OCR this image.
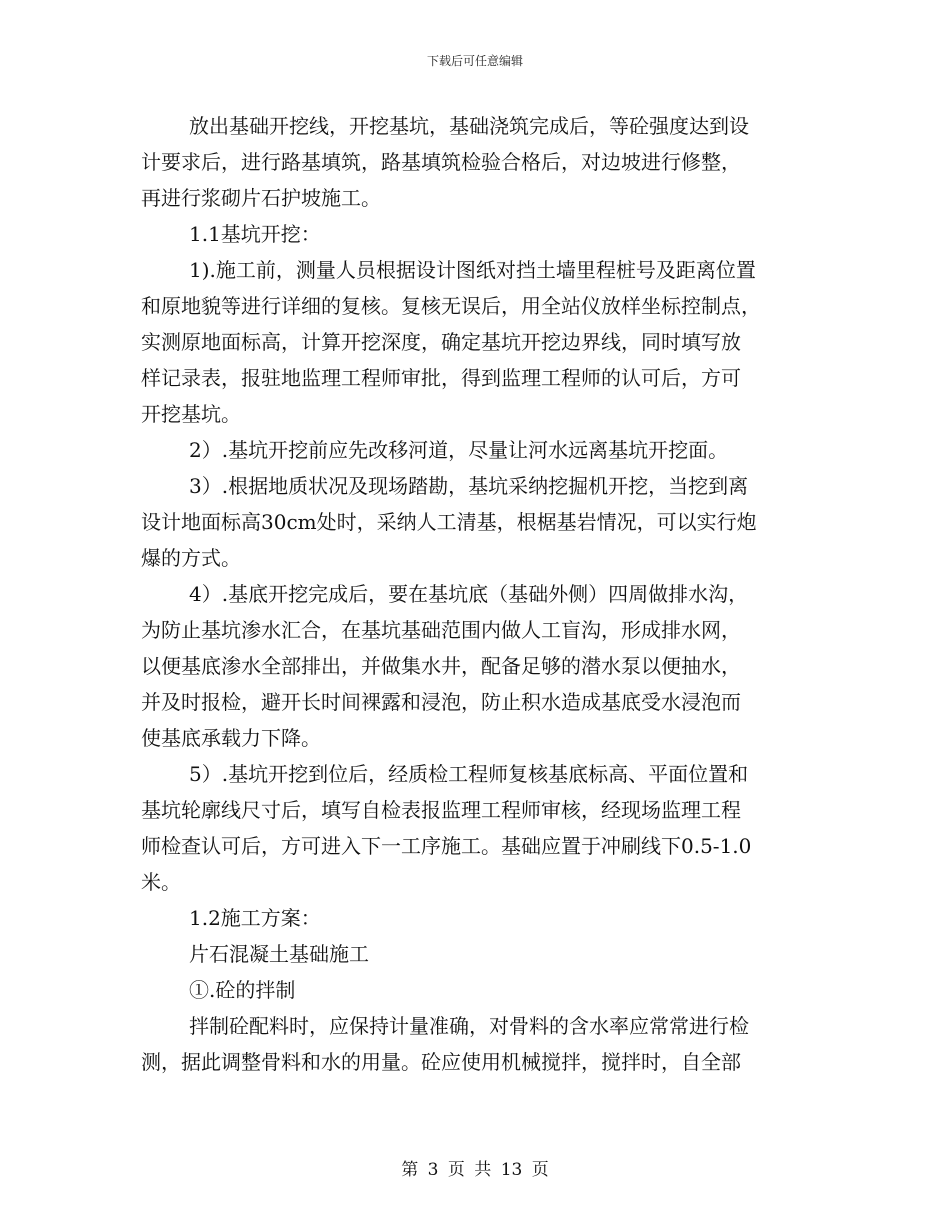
下载后可任意编辑

放出基础开挖线，开挖基坑，基础浇筑完成后，等砼强度达到设

计要求后，进行路基填筑，路基填筑检验合格后，对边坡进行修整，

再进行浆砌片石护坡施工。

1.1基坑开挖：

1).施工前，测量人员根据设计图纸对挡土墙里程桩号及距离位置

和原地貌等进行详细的复核。复核无误后，用全站仪放样坐标控制点，

实测原地面标高，计算开挖深度，确定基坑开挖边界线，同时填写放

样记录表，报驻地监理工程师审批，得到监理工程师的认可后，方可

开挖基坑。

2）.基坑开挖前应先改移河道，尽量让河水远离基坑开挖面。

3）.根据地质状况及现场踏勘，基坑采纳挖掘机开挖，当挖到离

设计地面标高30cm处时，采纳人工清基，根椐基岩情况，可以实行炮

爆的方式。

4）.基底开挖完成后，要在基坑底（基础外侧）四周做排水沟，

为防止基坑渗水汇合，在基坑基础范围内做人工盲沟，形成排水网，

以便基底渗水全部排出，并做集水井，配备足够的潜水泵以便抽水，

并及时报检，避开长时间裸露和浸泡，防止积水造成基底受水浸泡而

使基底承载力下降。

5）.基坑开挖到位后，经质检工程师复核基底标高、平面位置和

基坑轮廓线尺寸后，填写自检表报监理工程师审核，经现场监理工程

师检查认可后，方可进入下一工序施工。基础应置于冲刷线下0.5-1.0

米。

1.2施工方案：

片石混凝土基础施工

①.砼的拌制

拌制砼配料时，应保持计量准确，对骨料的含水率应常常进行检

测，据此调整骨料和水的用量。砼应使用机械搅拌，搅拌时，自全部

第 3 页 共 13 页
